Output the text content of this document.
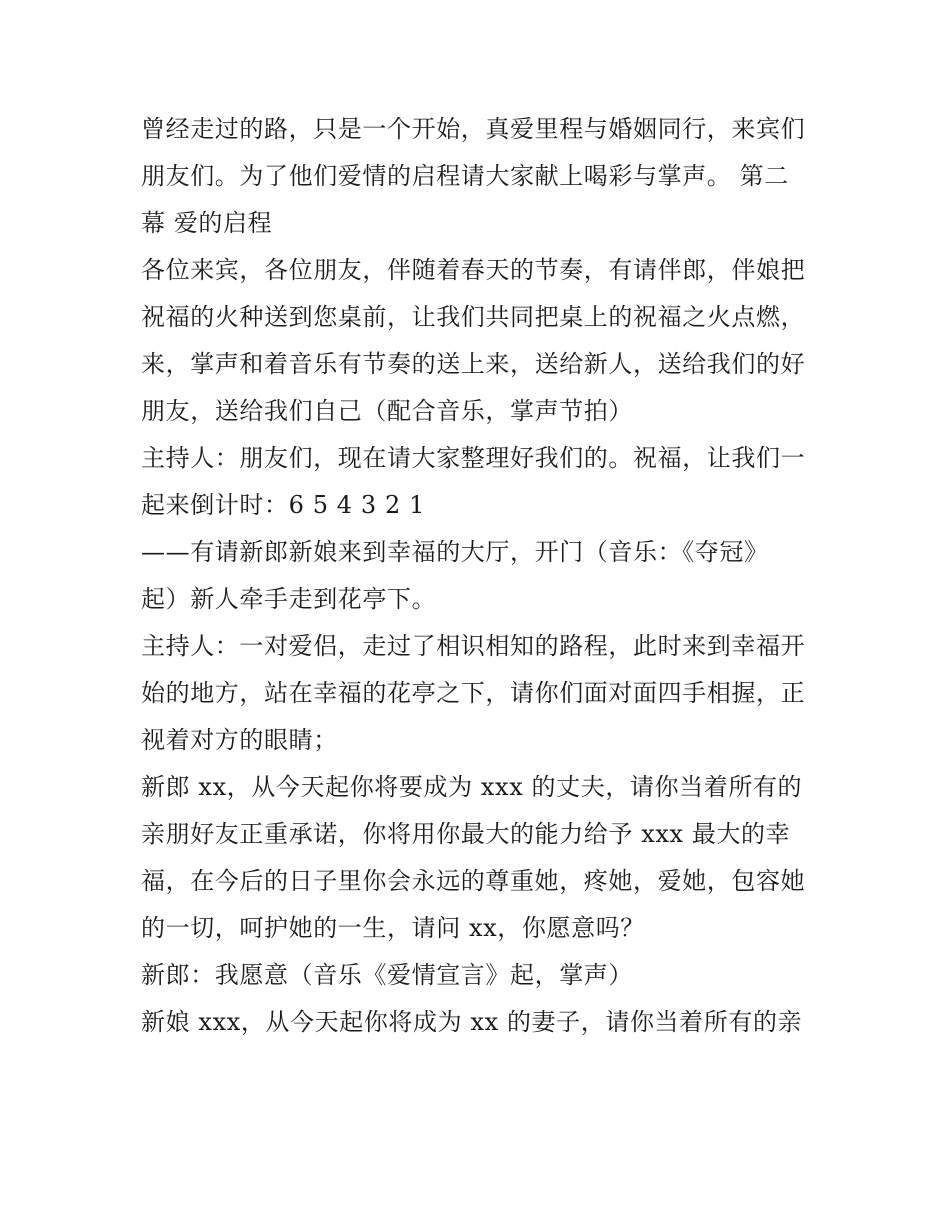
曾经走过的路，只是一个开始，真爱里程与婚姻同行，来宾们
朋友们。为了他们爱情的启程请大家献上喝彩与掌声。 第二
幕 爱的启程
各位来宾，各位朋友，伴随着春天的节奏，有请伴郎，伴娘把
祝福的火种送到您桌前，让我们共同把桌上的祝福之火点燃，
来，掌声和着音乐有节奏的送上来，送给新人，送给我们的好
朋友，送给我们自己（配合音乐，掌声节拍）
主持人：朋友们，现在请大家整理好我们的。祝福，让我们一
起来倒计时：6 5 4 3 2 1
——有请新郎新娘来到幸福的大厅，开门（音乐：《夺冠》
起）新人牵手走到花亭下。
主持人：一对爱侣，走过了相识相知的路程，此时来到幸福开
始的地方，站在幸福的花亭之下，请你们面对面四手相握，正
视着对方的眼睛；
新郎 xx，从今天起你将要成为 xxx 的丈夫，请你当着所有的
亲朋好友正重承诺，你将用你最大的能力给予 xxx 最大的幸
福，在今后的日子里你会永远的尊重她，疼她，爱她，包容她
的一切，呵护她的一生，请问 xx，你愿意吗？
新郎：我愿意（音乐《爱情宣言》起，掌声）
新娘 xxx，从今天起你将成为 xx 的妻子，请你当着所有的亲
